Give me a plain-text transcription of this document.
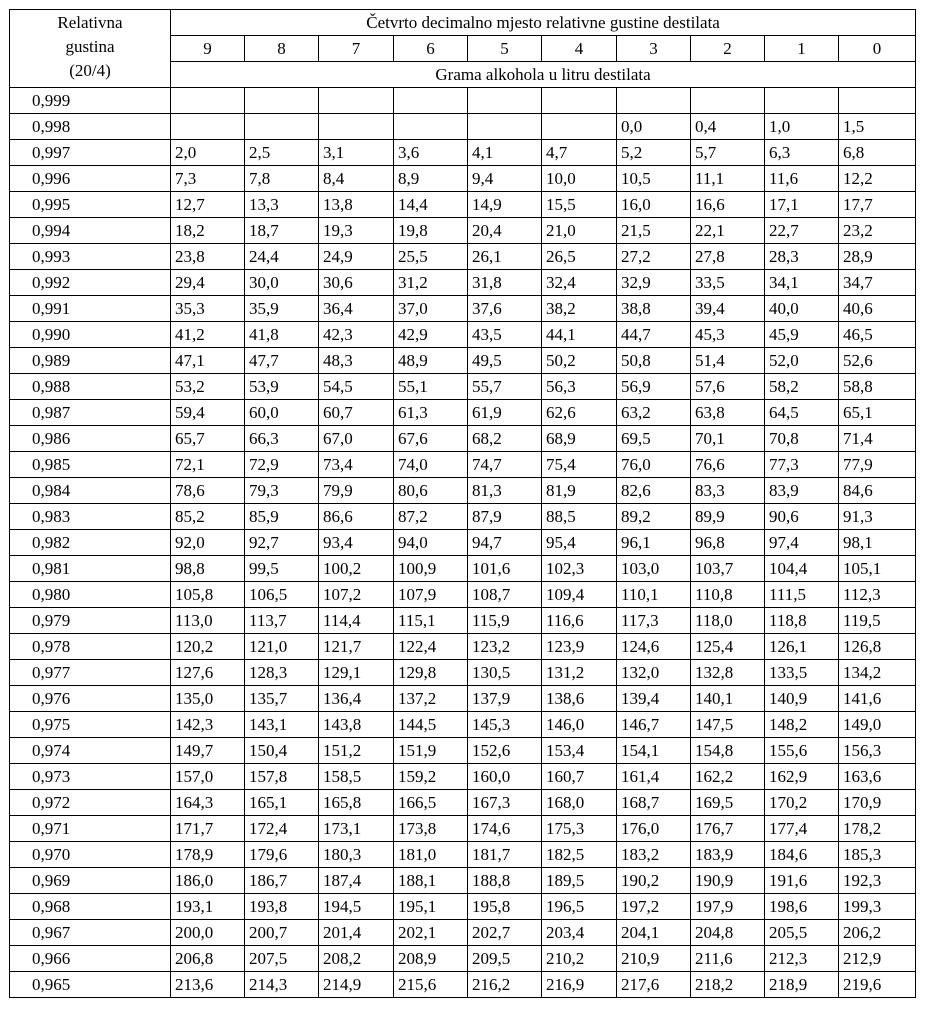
Relativna
gustina
(20/4)	Četvrto decimalno mjesto relativne gustine destilata									
	9	8	7	6	5	4	3	2	1	0
	Grama alkohola u litru destilata									
0,999										
0,998							0,0	0,4	1,0	1,5
0,997	2,0	2,5	3,1	3,6	4,1	4,7	5,2	5,7	6,3	6,8
0,996	7,3	7,8	8,4	8,9	9,4	10,0	10,5	11,1	11,6	12,2
0,995	12,7	13,3	13,8	14,4	14,9	15,5	16,0	16,6	17,1	17,7
0,994	18,2	18,7	19,3	19,8	20,4	21,0	21,5	22,1	22,7	23,2
0,993	23,8	24,4	24,9	25,5	26,1	26,5	27,2	27,8	28,3	28,9
0,992	29,4	30,0	30,6	31,2	31,8	32,4	32,9	33,5	34,1	34,7
0,991	35,3	35,9	36,4	37,0	37,6	38,2	38,8	39,4	40,0	40,6
0,990	41,2	41,8	42,3	42,9	43,5	44,1	44,7	45,3	45,9	46,5
0,989	47,1	47,7	48,3	48,9	49,5	50,2	50,8	51,4	52,0	52,6
0,988	53,2	53,9	54,5	55,1	55,7	56,3	56,9	57,6	58,2	58,8
0,987	59,4	60,0	60,7	61,3	61,9	62,6	63,2	63,8	64,5	65,1
0,986	65,7	66,3	67,0	67,6	68,2	68,9	69,5	70,1	70,8	71,4
0,985	72,1	72,9	73,4	74,0	74,7	75,4	76,0	76,6	77,3	77,9
0,984	78,6	79,3	79,9	80,6	81,3	81,9	82,6	83,3	83,9	84,6
0,983	85,2	85,9	86,6	87,2	87,9	88,5	89,2	89,9	90,6	91,3
0,982	92,0	92,7	93,4	94,0	94,7	95,4	96,1	96,8	97,4	98,1
0,981	98,8	99,5	100,2	100,9	101,6	102,3	103,0	103,7	104,4	105,1
0,980	105,8	106,5	107,2	107,9	108,7	109,4	110,1	110,8	111,5	112,3
0,979	113,0	113,7	114,4	115,1	115,9	116,6	117,3	118,0	118,8	119,5
0,978	120,2	121,0	121,7	122,4	123,2	123,9	124,6	125,4	126,1	126,8
0,977	127,6	128,3	129,1	129,8	130,5	131,2	132,0	132,8	133,5	134,2
0,976	135,0	135,7	136,4	137,2	137,9	138,6	139,4	140,1	140,9	141,6
0,975	142,3	143,1	143,8	144,5	145,3	146,0	146,7	147,5	148,2	149,0
0,974	149,7	150,4	151,2	151,9	152,6	153,4	154,1	154,8	155,6	156,3
0,973	157,0	157,8	158,5	159,2	160,0	160,7	161,4	162,2	162,9	163,6
0,972	164,3	165,1	165,8	166,5	167,3	168,0	168,7	169,5	170,2	170,9
0,971	171,7	172,4	173,1	173,8	174,6	175,3	176,0	176,7	177,4	178,2
0,970	178,9	179,6	180,3	181,0	181,7	182,5	183,2	183,9	184,6	185,3
0,969	186,0	186,7	187,4	188,1	188,8	189,5	190,2	190,9	191,6	192,3
0,968	193,1	193,8	194,5	195,1	195,8	196,5	197,2	197,9	198,6	199,3
0,967	200,0	200,7	201,4	202,1	202,7	203,4	204,1	204,8	205,5	206,2
0,966	206,8	207,5	208,2	208,9	209,5	210,2	210,9	211,6	212,3	212,9
0,965	213,6	214,3	214,9	215,6	216,2	216,9	217,6	218,2	218,9	219,6
